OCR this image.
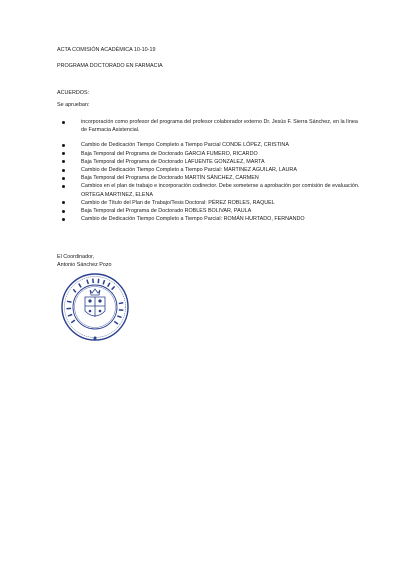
ACTA COMISIÓN ACADÉMICA 10-10-19
PROGRAMA DOCTORADO EN FARMACIA
ACUERDOS:
Se aprueban:
incorporación como profesor del programa del profesor colaborador externo Dr. Jesús F. Sierra Sánchez, en la línea de Farmacia Asistencial.
Cambio de Dedicación Tiempo Completo a Tiempo Parcial CONDE LÓPEZ, CRISTINA
Baja Temporal del Programa de Doctorado GARCIA FUMERO, RICARDO
Baja Temporal del Programa de Doctorado LAFUENTE GONZALEZ, MARTA
Cambio de Dedicación Tiempo Completo a Tiempo Parcial: MARTINEZ AGUILAR, LAURA
Baja Temporal del Programa de Doctorado MARTÍN SÁNCHEZ, CARMEN
Cambios en el plan de trabajo e incorporación codirector. Debe someterse a aprobación por comisión de evaluación. ORTEGA MARTINEZ, ELENA
Cambio de Título del Plan de Trabajo/Tesis Doctoral: PÉREZ ROBLES, RAQUEL
Baja Temporal del Programa de Doctorado ROBLES BOLIVAR, PAULA
Cambio de Dedicación Tiempo Completo a Tiempo Parcial: ROMÁN HURTADO, FERNANDO
El Coordinador,
Antonio Sánchez Pozo
